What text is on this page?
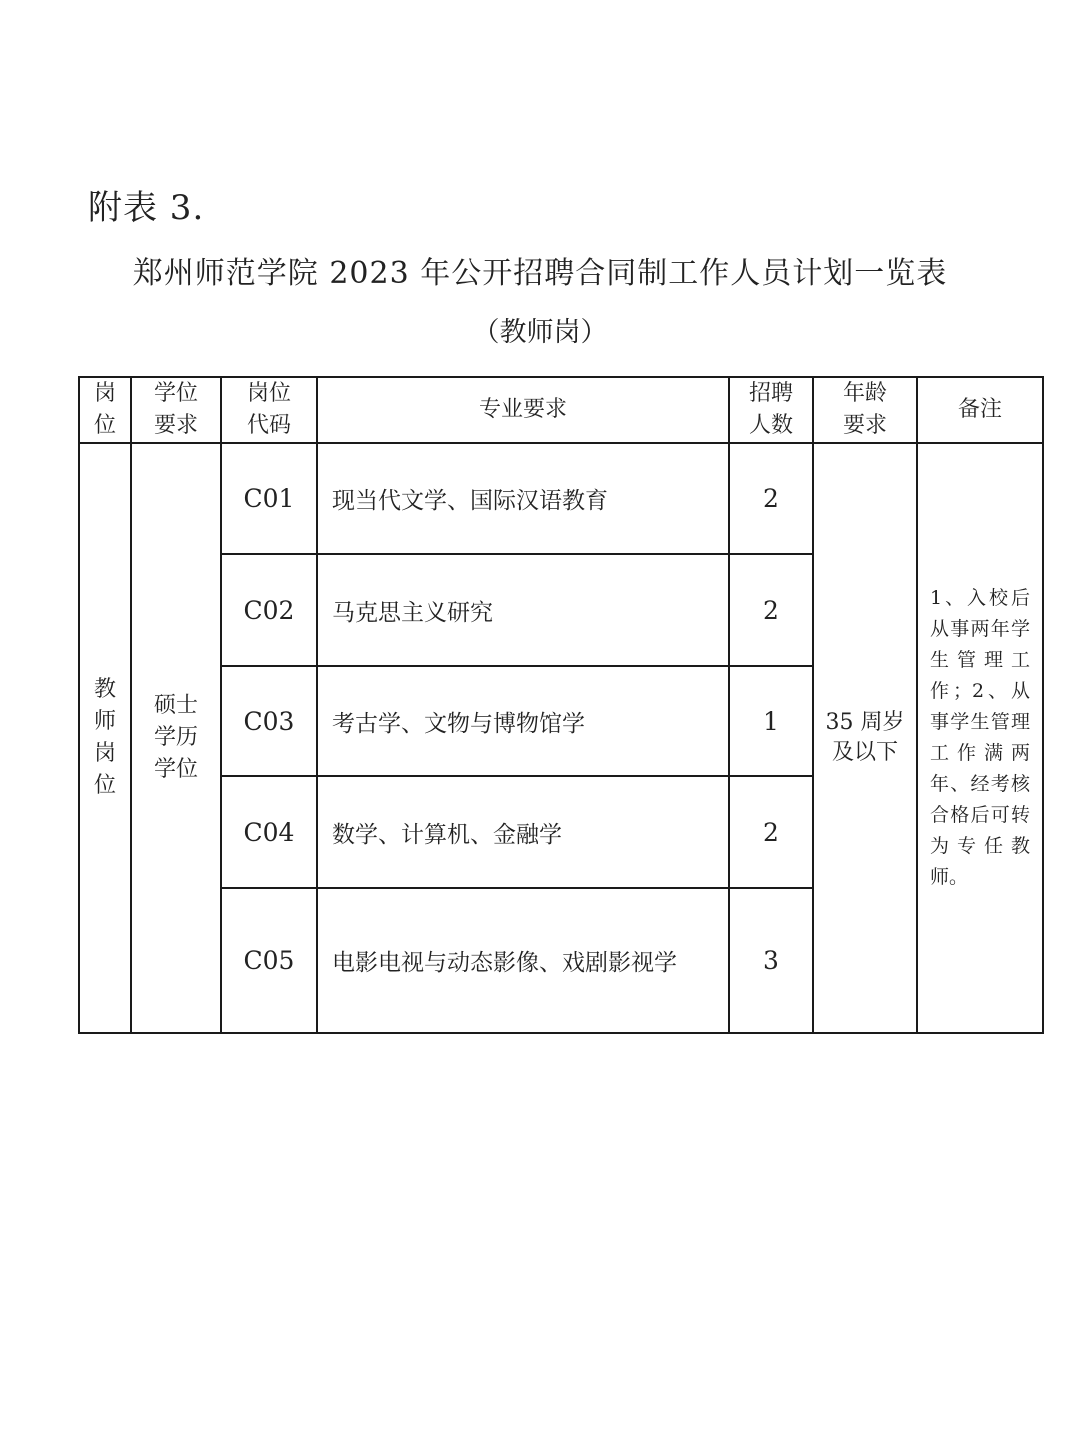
附表 3.
郑州师范学院 2023 年公开招聘合同制工作人员计划一览表
（教师岗）
岗位	学位要求	岗位代码	专业要求	招聘人数	年龄要求	备注
教师岗位	硕士学历学位	C01	现当代文学、国际汉语教育	2	35 周岁及以下	1、入校后从事两年学生管理工作；2、从事学生管理工作满两年、经考核合格后可转为专任教师。
		C02	马克思主义研究	2		
		C03	考古学、文物与博物馆学	1		
		C04	数学、计算机、金融学	2		
		C05	电影电视与动态影像、戏剧影视学	3		
